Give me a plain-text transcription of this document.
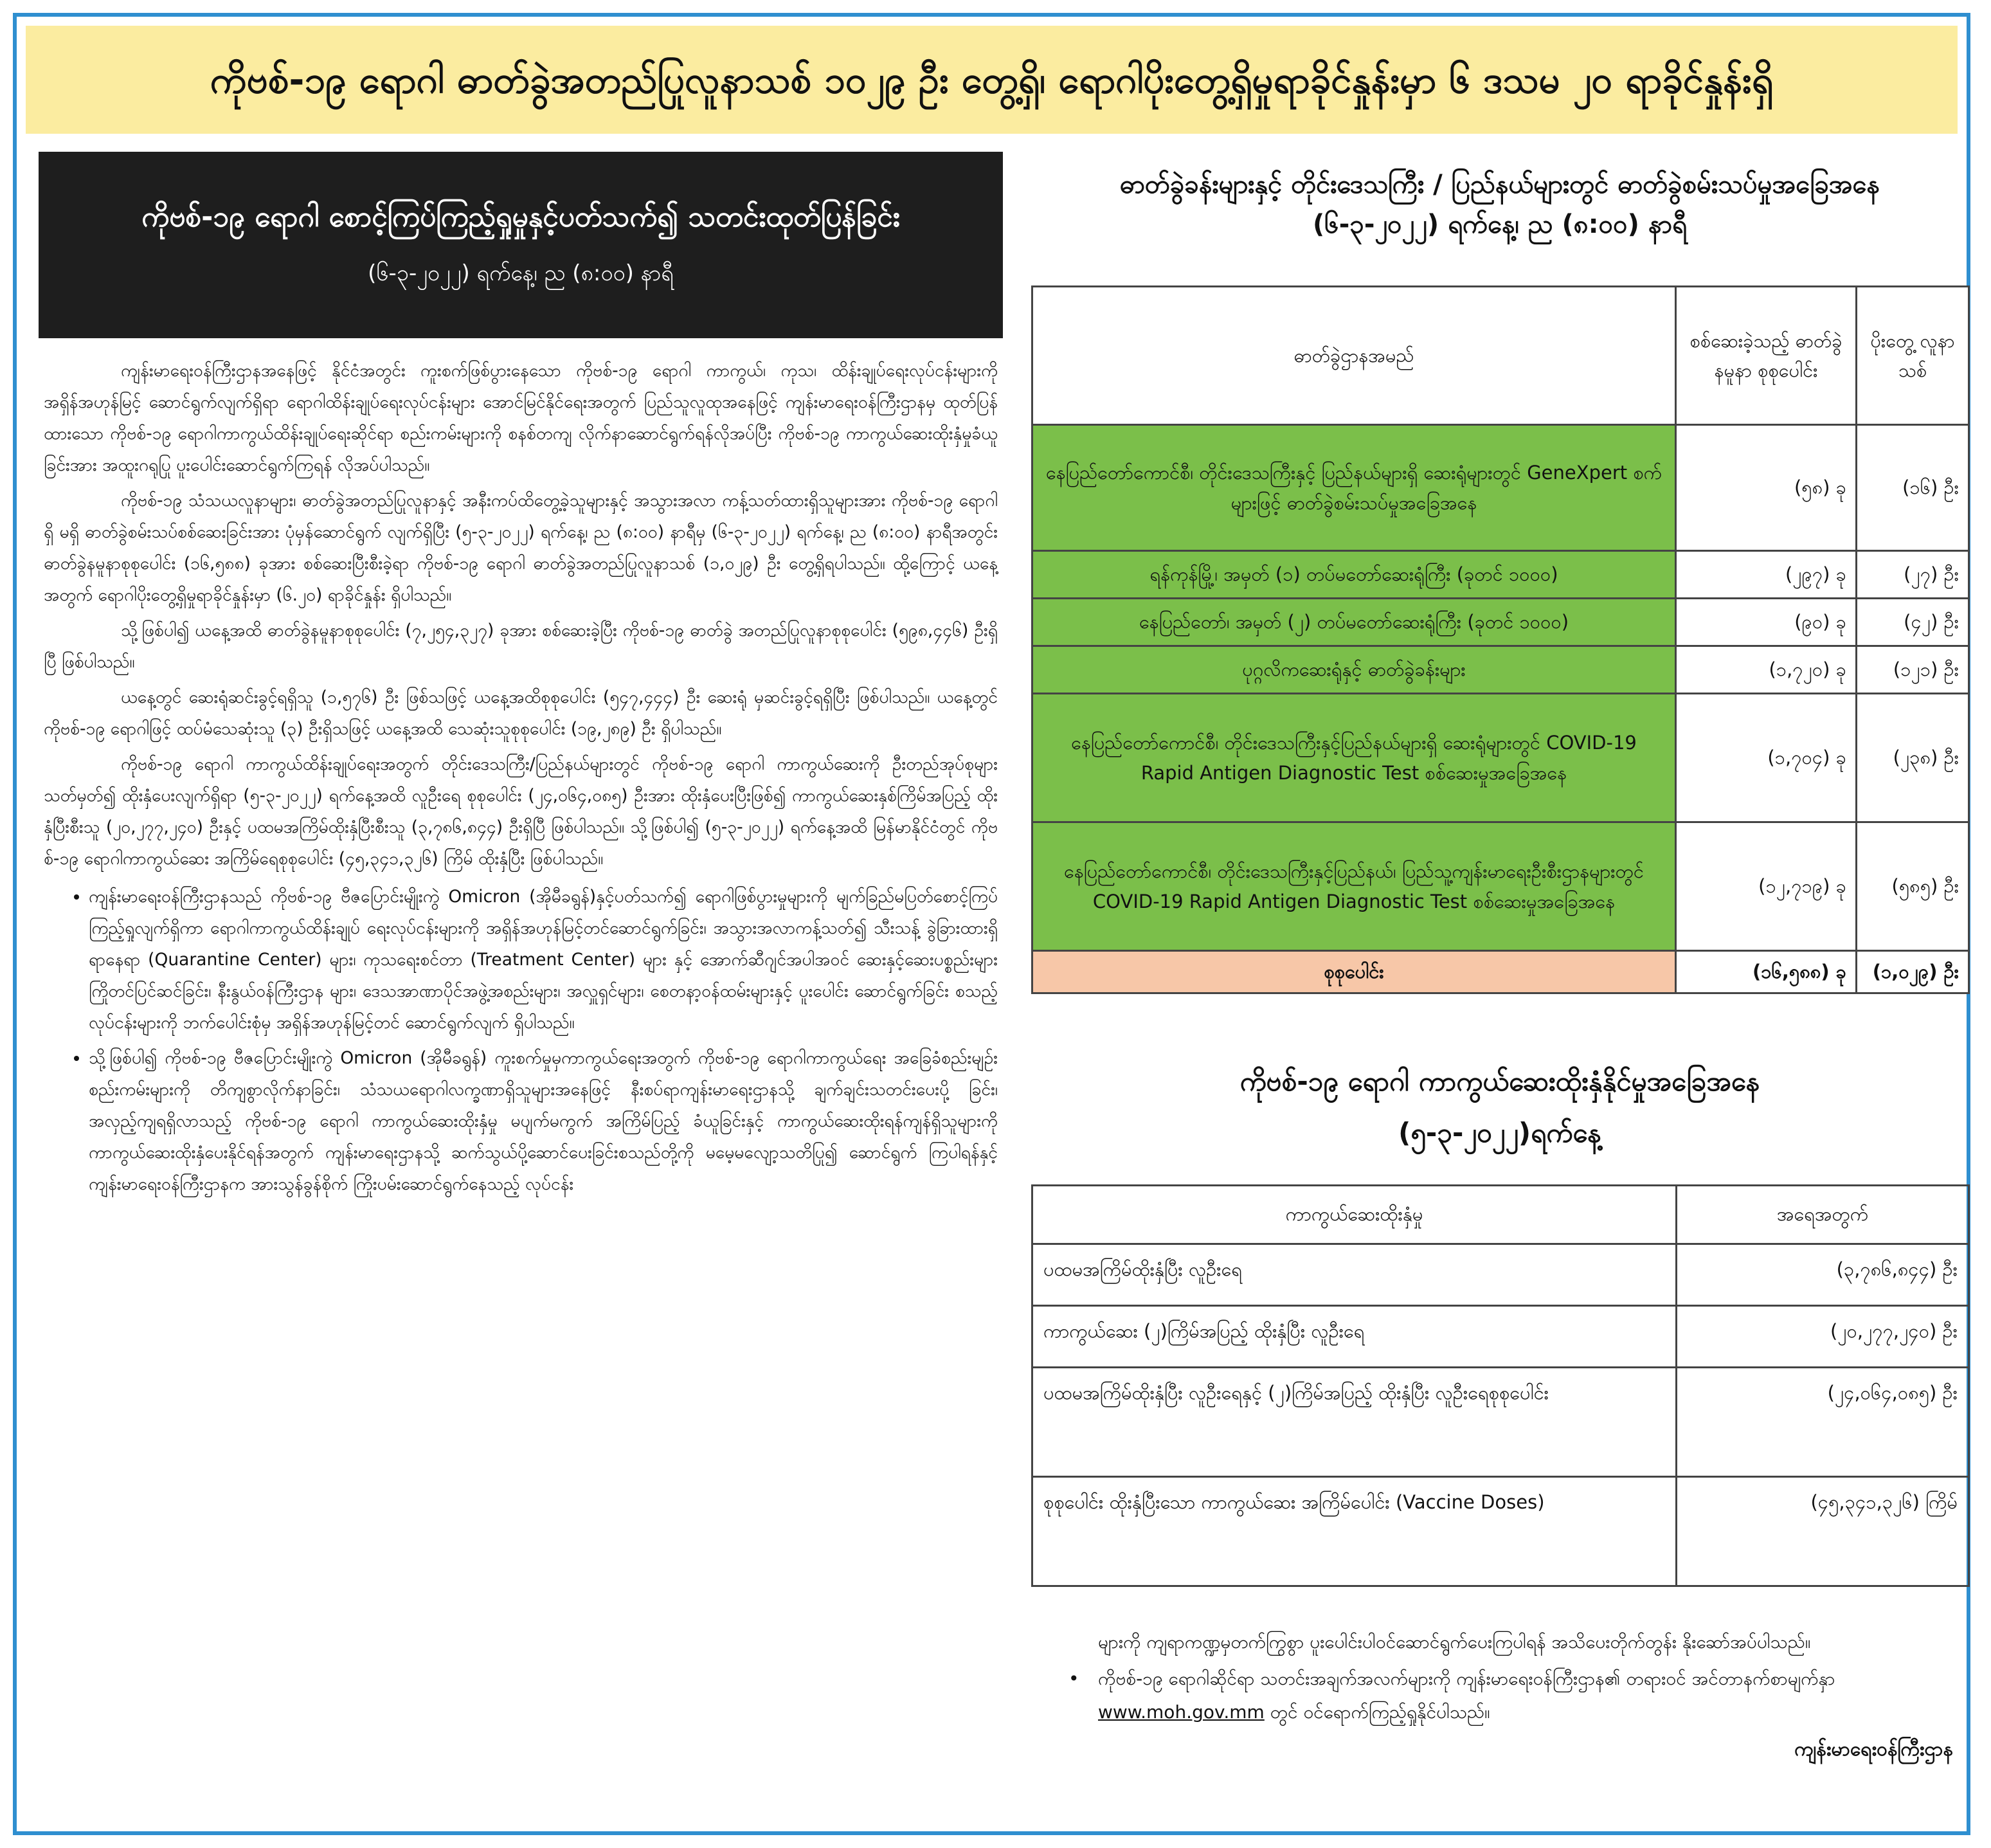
ကိုဗစ်-၁၉ ရောဂါ ဓာတ်ခွဲအတည်ပြုလူနာသစ် ၁၀၂၉ ဦး တွေ့ရှိ၊ ရောဂါပိုးတွေ့ရှိမှုရာခိုင်နှုန်းမှာ ၆ ဒသမ ၂၀ ရာခိုင်နှုန်းရှိ
ကိုဗစ်-၁၉ ရောဂါ စောင့်ကြပ်ကြည့်ရှုမှုနှင့်ပတ်သက်၍ သတင်းထုတ်ပြန်ခြင်း
(၆-၃-၂၀၂၂) ရက်နေ့၊ ည (၈:၀၀) နာရီ

ကျန်းမာရေးဝန်ကြီးဌာနအနေဖြင့် နိုင်ငံအတွင်း ကူးစက်ဖြစ်ပွားနေသော ကိုဗစ်-၁၉ ရောဂါ ကာကွယ်၊ ကုသ၊ ထိန်းချုပ်ရေးလုပ်ငန်းများကို အရှိန်အဟုန်မြင့် ဆောင်ရွက်လျက်ရှိရာ ရောဂါထိန်းချုပ်ရေးလုပ်ငန်းများ အောင်မြင်နိုင်ရေးအတွက် ပြည်သူလူထုအနေဖြင့် ကျန်းမာရေးဝန်ကြီးဌာနမှ ထုတ်ပြန်ထားသော ကိုဗစ်-၁၉ ရောဂါကာကွယ်ထိန်းချုပ်ရေးဆိုင်ရာ စည်းကမ်းများကို စနစ်တကျ လိုက်နာဆောင်ရွက်ရန်လိုအပ်ပြီး ကိုဗစ်-၁၉ ကာကွယ်ဆေးထိုးနှံမှုခံယူခြင်းအား အထူးဂရုပြု ပူးပေါင်းဆောင်ရွက်ကြရန် လိုအပ်ပါသည်။

ကိုဗစ်-၁၉ သံသယလူနာများ၊ ဓာတ်ခွဲအတည်ပြုလူနာနှင့် အနီးကပ်ထိတွေ့ခဲ့သူများနှင့် အသွားအလာ ကန့်သတ်ထားရှိသူများအား ကိုဗစ်-၁၉ ရောဂါ ရှိ မရှိ ဓာတ်ခွဲစမ်းသပ်စစ်ဆေးခြင်းအား ပုံမှန်ဆောင်ရွက် လျက်ရှိပြီး (၅-၃-၂၀၂၂) ရက်နေ့၊ ည (၈:၀၀) နာရီမှ (၆-၃-၂၀၂၂) ရက်နေ့၊ ည (၈:၀၀) နာရီအတွင်း ဓာတ်ခွဲနမူနာစုစုပေါင်း (၁၆,၅၈၈) ခုအား စစ်ဆေးပြီးစီးခဲ့ရာ ကိုဗစ်-၁၉ ရောဂါ ဓာတ်ခွဲအတည်ပြုလူနာသစ် (၁,၀၂၉) ဦး တွေ့ရှိရပါသည်။ ထို့ကြောင့် ယနေ့အတွက် ရောဂါပိုးတွေ့ရှိမှုရာခိုင်နှုန်းမှာ (၆.၂၀) ရာခိုင်နှုန်း ရှိပါသည်။

သို့ဖြစ်ပါ၍ ယနေ့အထိ ဓာတ်ခွဲနမူနာစုစုပေါင်း (၇,၂၅၄,၃၂၇) ခုအား စစ်ဆေးခဲ့ပြီး ကိုဗစ်-၁၉ ဓာတ်ခွဲ အတည်ပြုလူနာစုစုပေါင်း (၅၉၈,၄၄၆) ဦးရှိပြီ ဖြစ်ပါသည်။

ယနေ့တွင် ဆေးရုံဆင်းခွင့်ရရှိသူ (၁,၅၇၆) ဦး ဖြစ်သဖြင့် ယနေ့အထိစုစုပေါင်း (၅၄၇,၄၄၄) ဦး ဆေးရုံ မှဆင်းခွင့်ရရှိပြီး ဖြစ်ပါသည်။ ယနေ့တွင် ကိုဗစ်-၁၉ ရောဂါဖြင့် ထပ်မံသေဆုံးသူ (၃) ဦးရှိသဖြင့် ယနေ့အထိ သေဆုံးသူစုစုပေါင်း (၁၉,၂၈၉) ဦး ရှိပါသည်။

ကိုဗစ်-၁၉ ရောဂါ ကာကွယ်ထိန်းချုပ်ရေးအတွက် တိုင်းဒေသကြီး/ပြည်နယ်များတွင် ကိုဗစ်-၁၉ ရောဂါ ကာကွယ်ဆေးကို ဦးတည်အုပ်စုများသတ်မှတ်၍ ထိုးနှံပေးလျက်ရှိရာ (၅-၃-၂၀၂၂) ရက်နေ့အထိ လူဦးရေ စုစုပေါင်း (၂၄,၀၆၄,၀၈၅) ဦးအား ထိုးနှံပေးပြီးဖြစ်၍ ကာကွယ်ဆေးနှစ်ကြိမ်အပြည့် ထိုးနှံပြီးစီးသူ (၂၀,၂၇၇,၂၄၀) ဦးနှင့် ပထမအကြိမ်ထိုးနှံပြီးစီးသူ (၃,၇၈၆,၈၄၄) ဦးရှိပြီ ဖြစ်ပါသည်။ သို့ဖြစ်ပါ၍ (၅-၃-၂၀၂၂) ရက်နေ့အထိ မြန်မာနိုင်ငံတွင် ကိုဗစ်-၁၉ ရောဂါကာကွယ်ဆေး အကြိမ်ရေစုစုပေါင်း (၄၅,၃၄၁,၃၂၆) ကြိမ် ထိုးနှံပြီး ဖြစ်ပါသည်။

• ကျန်းမာရေးဝန်ကြီးဌာနသည် ကိုဗစ်-၁၉ ဗီဇပြောင်းမျိုးကွဲ Omicron (အိုမီခရွန်)နှင့်ပတ်သက်၍ ရောဂါဖြစ်ပွားမှုများကို မျက်ခြည်မပြတ်စောင့်ကြပ်ကြည့်ရှုလျက်ရှိကာ ရောဂါကာကွယ်ထိန်းချုပ် ရေးလုပ်ငန်းများကို အရှိန်အဟုန်မြင့်တင်ဆောင်ရွက်ခြင်း၊ အသွားအလာကန့်သတ်၍ သီးသန့် ခွဲခြားထားရှိရာနေရာ (Quarantine Center) များ၊ ကုသရေးစင်တာ (Treatment Center) များ နှင့် အောက်ဆီဂျင်အပါအဝင် ဆေးနှင့်ဆေးပစ္စည်းများ ကြိုတင်ပြင်ဆင်ခြင်း၊ နီးနွယ်ဝန်ကြီးဌာန များ၊ ဒေသအာဏာပိုင်အဖွဲ့အစည်းများ၊ အလှူရှင်များ၊ စေတနာ့ဝန်ထမ်းများနှင့် ပူးပေါင်း ဆောင်ရွက်ခြင်း စသည့်လုပ်ငန်းများကို ဘက်ပေါင်းစုံမှ အရှိန်အဟုန်မြင့်တင် ဆောင်ရွက်လျက် ရှိပါသည်။
• သို့ဖြစ်ပါ၍ ကိုဗစ်-၁၉ ဗီဇပြောင်းမျိုးကွဲ Omicron (အိုမီခရွန်) ကူးစက်မှုမှကာကွယ်ရေးအတွက် ကိုဗစ်-၁၉ ရောဂါကာကွယ်ရေး အခြေခံစည်းမျဉ်းစည်းကမ်းများကို တိကျစွာလိုက်နာခြင်း၊ သံသယရောဂါလက္ခဏာရှိသူများအနေဖြင့် နီးစပ်ရာကျန်းမာရေးဌာနသို့ ချက်ချင်းသတင်းပေးပို့ ခြင်း၊ အလှည့်ကျရရှိလာသည့် ကိုဗစ်-၁၉ ရောဂါ ကာကွယ်ဆေးထိုးနှံမှု မပျက်မကွက် အကြိမ်ပြည့် ခံယူခြင်းနှင့် ကာကွယ်ဆေးထိုးရန်ကျန်ရှိသူများကို ကာကွယ်ဆေးထိုးနှံပေးနိုင်ရန်အတွက် ကျန်းမာရေးဌာနသို့ ဆက်သွယ်ပို့ဆောင်ပေးခြင်းစသည်တို့ကို မမေ့မလျော့သတိပြု၍ ဆောင်ရွက် ကြပါရန်နှင့် ကျန်းမာရေးဝန်ကြီးဌာနက အားသွန်ခွန်စိုက် ကြိုးပမ်းဆောင်ရွက်နေသည့် လုပ်ငန်း
ဓာတ်ခွဲခန်းများနှင့် တိုင်းဒေသကြီး / ပြည်နယ်များတွင် ဓာတ်ခွဲစမ်းသပ်မှုအခြေအနေ
(၆-၃-၂၀၂၂) ရက်နေ့၊ ည (၈:၀၀) နာရီ
ဓာတ်ခွဲဌာနအမည်	စစ်ဆေးခဲ့သည့် ဓာတ်ခွဲနမူနာ စုစုပေါင်း	ပိုးတွေ့ လူနာသစ်
နေပြည်တော်ကောင်စီ၊ တိုင်းဒေသကြီးနှင့် ပြည်နယ်များရှိ ဆေးရုံများတွင် GeneXpert စက်များဖြင့် ဓာတ်ခွဲစမ်းသပ်မှုအခြေအနေ	(၅၈) ခု	(၁၆) ဦး
ရန်ကုန်မြို့၊ အမှတ် (၁) တပ်မတော်ဆေးရုံကြီး (ခုတင် ၁၀၀၀)	(၂၉၇) ခု	(၂၇) ဦး
နေပြည်တော်၊ အမှတ် (၂) တပ်မတော်ဆေးရုံကြီး (ခုတင် ၁၀၀၀)	(၉၀) ခု	(၄၂) ဦး
ပုဂ္ဂလိကဆေးရုံနှင့် ဓာတ်ခွဲခန်းများ	(၁,၇၂၀) ခု	(၁၂၁) ဦး
နေပြည်တော်ကောင်စီ၊ တိုင်းဒေသကြီးနှင့်ပြည်နယ်များရှိ ဆေးရုံများတွင် COVID-19 Rapid Antigen Diagnostic Test စစ်ဆေးမှုအခြေအနေ	(၁,၇၀၄) ခု	(၂၃၈) ဦး
နေပြည်တော်ကောင်စီ၊ တိုင်းဒေသကြီးနှင့်ပြည်နယ်၊ ပြည်သူ့ကျန်းမာရေးဦးစီးဌာနများတွင် COVID-19 Rapid Antigen Diagnostic Test စစ်ဆေးမှုအခြေအနေ	(၁၂,၇၁၉) ခု	(၅၈၅) ဦး
စုစုပေါင်း	(၁၆,၅၈၈) ခု	(၁,၀၂၉) ဦး
ကိုဗစ်-၁၉ ရောဂါ ကာကွယ်ဆေးထိုးနှံနိုင်မှုအခြေအနေ
(၅-၃-၂၀၂၂)ရက်နေ့
ကာကွယ်ဆေးထိုးနှံမှု	အရေအတွက်
ပထမအကြိမ်ထိုးနှံပြီး လူဦးရေ	(၃,၇၈၆,၈၄၄) ဦး
ကာကွယ်ဆေး (၂)ကြိမ်အပြည့် ထိုးနှံပြီး လူဦးရေ	(၂၀,၂၇၇,၂၄၀) ဦး
ပထမအကြိမ်ထိုးနှံပြီး လူဦးရေနှင့် (၂)ကြိမ်အပြည့် ထိုးနှံပြီး လူဦးရေစုစုပေါင်း	(၂၄,၀၆၄,၀၈၅) ဦး
စုစုပေါင်း ထိုးနှံပြီးသော ကာကွယ်ဆေး အကြိမ်ပေါင်း (Vaccine Doses)	(၄၅,၃၄၁,၃၂၆) ကြိမ်
များကို ကျရာကဏ္ဍမှတက်ကြွစွာ ပူးပေါင်းပါဝင်ဆောင်ရွက်ပေးကြပါရန် အသိပေးတိုက်တွန်း နိုးဆော်အပ်ပါသည်။
• ကိုဗစ်-၁၉ ရောဂါဆိုင်ရာ သတင်းအချက်အလက်များကို ကျန်းမာရေးဝန်ကြီးဌာန၏ တရားဝင် အင်တာနက်စာမျက်နှာ www.moh.gov.mm တွင် ဝင်ရောက်ကြည့်ရှုနိုင်ပါသည်။
ကျန်းမာရေးဝန်ကြီးဌာန
